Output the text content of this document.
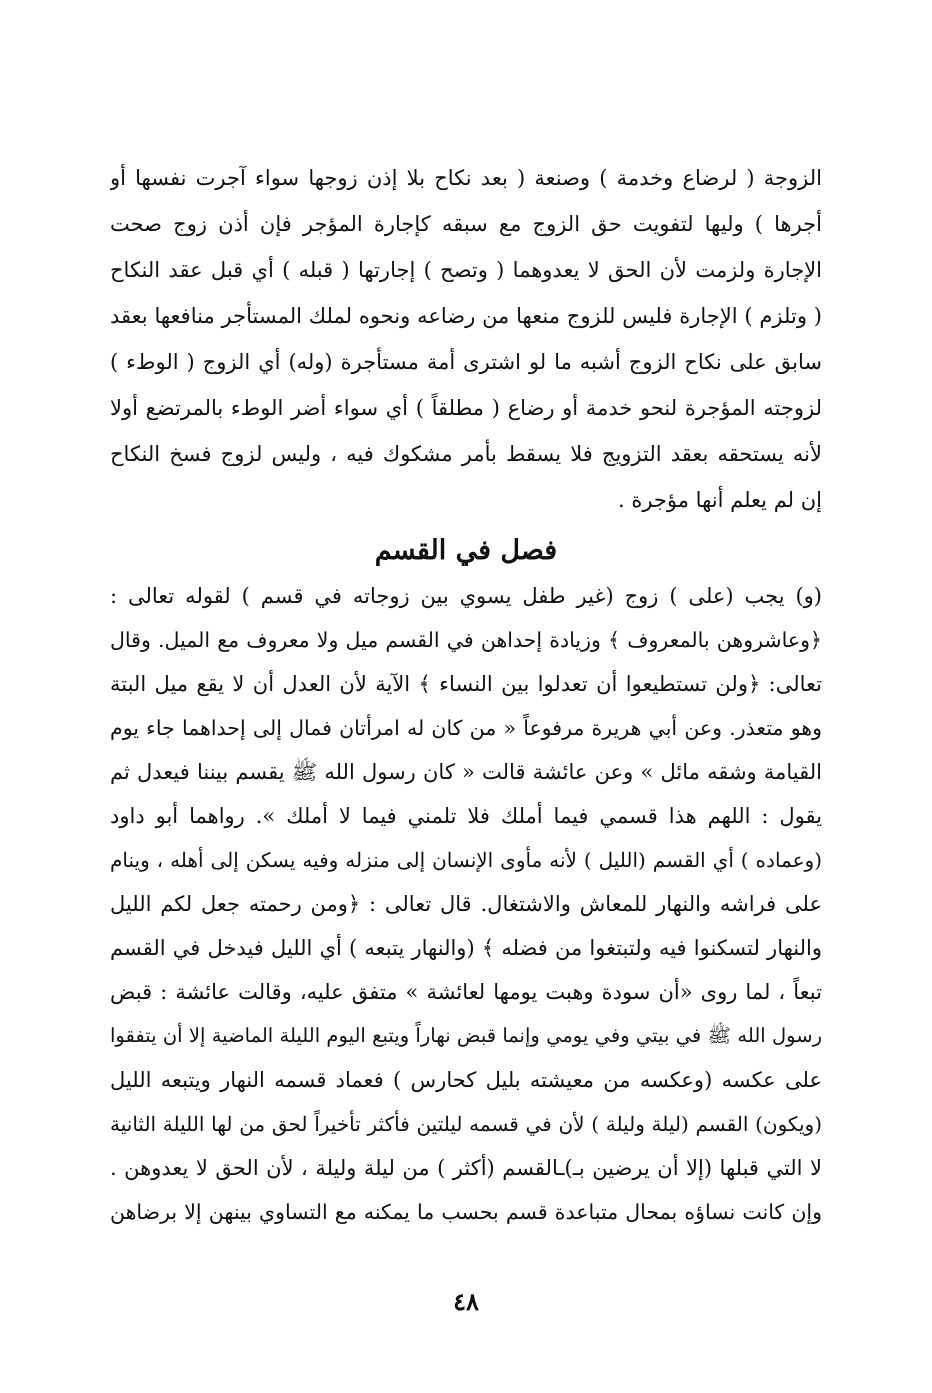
الزوجة ( لرضاع وخدمة ) وصنعة ( بعد نكاح بلا إذن زوجها سواء آجرت نفسها أو
أجرها ) وليها لتفويت حق الزوج مع سبقه كإجارة المؤجر فإن أذن زوج صحت
الإجارة ولزمت لأن الحق لا يعدوهما ( وتصح ) إجارتها ( قبله ) أي قبل عقد النكاح
( وتلزم ) الإجارة فليس للزوج منعها من رضاعه ونحوه لملك المستأجر منافعها بعقد
سابق على نكاح الزوج أشبه ما لو اشترى أمة مستأجرة (وله) أي الزوج ( الوطء )
لزوجته المؤجرة لنحو خدمة أو رضاع ( مطلقاً ) أي سواء أضر الوطء بالمرتضع أولا
لأنه يستحقه بعقد التزويج فلا يسقط بأمر مشكوك فيه ، وليس لزوج فسخ النكاح
إن لم يعلم أنها مؤجرة .
فصل في القسم
(و) يجب (على ) زوج (غير طفل يسوي بين زوجاته في قسم ) لقوله تعالى :
﴿وعاشروهن بالمعروف ﴾ وزيادة إحداهن في القسم ميل ولا معروف مع الميل. وقال
تعالى: ﴿ولن تستطيعوا أن تعدلوا بين النساء ﴾ الآية لأن العدل أن لا يقع ميل البتة
وهو متعذر. وعن أبي هريرة مرفوعاً « من كان له امرأتان فمال إلى إحداهما جاء يوم
القيامة وشقه مائل » وعن عائشة قالت « كان رسول الله ﷺ يقسم بيننا فيعدل ثم
يقول : اللهم هذا قسمي فيما أملك فلا تلمني فيما لا أملك ». رواهما أبو داود
(وعماده ) أي القسم (الليل ) لأنه مأوى الإنسان إلى منزله وفيه يسكن إلى أهله ، وينام
على فراشه والنهار للمعاش والاشتغال. قال تعالى : ﴿ومن رحمته جعل لكم الليل
والنهار لتسكنوا فيه ولتبتغوا من فضله ﴾ (والنهار يتبعه ) أي الليل فيدخل في القسم
تبعاً ، لما روى «أن سودة وهبت يومها لعائشة » متفق عليه، وقالت عائشة : قبض
رسول الله ﷺ في بيتي وفي يومي وإنما قبض نهاراً ويتبع اليوم الليلة الماضية إلا أن يتفقوا
على عكسه (وعكسه من معيشته بليل كحارس ) فعماد قسمه النهار ويتبعه الليل
(ويكون) القسم (ليلة وليلة ) لأن في قسمه ليلتين فأكثر تأخيراً لحق من لها الليلة الثانية
لا التي قبلها (إلا أن يرضين بـ)ـالقسم (أكثر ) من ليلة وليلة ، لأن الحق لا يعدوهن .
وإن كانت نساؤه بمحال متباعدة قسم بحسب ما يمكنه مع التساوي بينهن إلا برضاهن
٤٨
